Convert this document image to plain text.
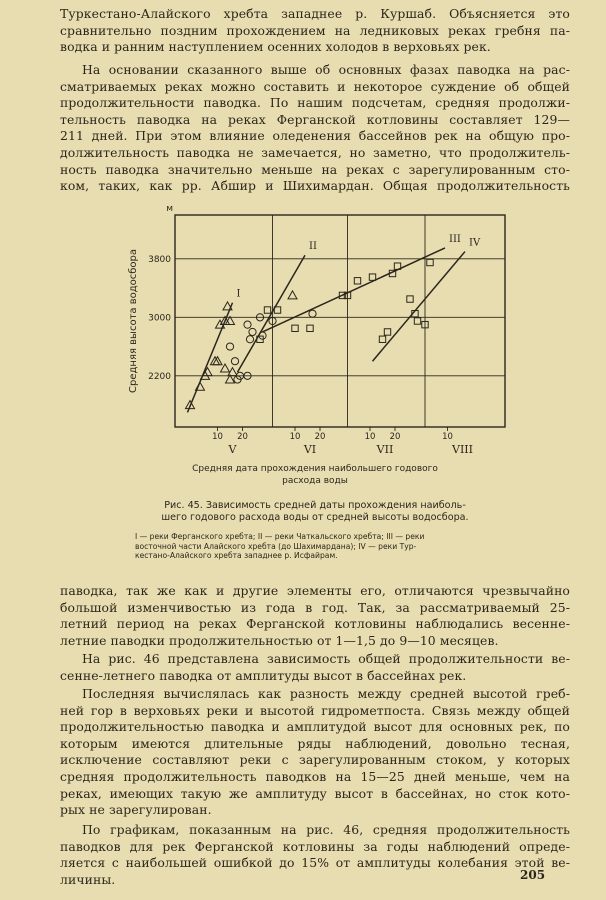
Туркестано-Алайского хребта западнее р. Куршаб. Объясняется это
сравнительно поздним прохождением на ледниковых реках гребня па-
водка и ранним наступлением осенних холодов в верховьях рек.
На основании сказанного выше об основных фазах паводка на рас-
сматриваемых реках можно составить и некоторое суждение об общей
продолжительности паводка. По нашим подсчетам, средняя продолжи-
тельность паводка на реках Ферганской котловины составляет 129—
211 дней. При этом влияние оледенения бассейнов рек на общую про-
должительность паводка не замечается, но заметно, что продолжитель-
ность паводка значительно меньше на реках с зарегулированным сто-
ком, таких, как рр. Абшир и Шихимардан. Общая продолжительность
2200
3000
3800
10 20	10 20	10 20	10
V	VI	VII	VIII
м
Средняя высота водосбора	I
II
III IV

Средняя дата прохождения наибольшего годового
расхода воды

Рис. 45. Зависимость средней даты прохождения наиболь-
шего годового расхода воды от средней высоты водосбора.

I — реки Ферганского хребта; II — реки Чаткальского хребта; III — реки
восточной части Алайского хребта (до Шахимардана); IV — реки Тур-
кестано-Алайского хребта западнее р. Исфайрам.
паводка, так же как и другие элементы его, отличаются чрезвычайно
большой изменчивостью из года в год. Так, за рассматриваемый 25-
летний период на реках Ферганской котловины наблюдались весенне-
летние паводки продолжительностью от 1—1,5 до 9—10 месяцев.
На рис. 46 представлена зависимость общей продолжительности ве-
сенне-летнего паводка от амплитуды высот в бассейнах рек.
Последняя вычислялась как разность между средней высотой греб-
ней гор в верховьях реки и высотой гидрометпоста. Связь между общей
продолжительностью паводка и амплитудой высот для основных рек, по
которым имеются длительные ряды наблюдений, довольно тесная,
исключение составляют реки с зарегулированным стоком, у которых
средняя продолжительность паводков на 15—25 дней меньше, чем на
реках, имеющих такую же амплитуду высот в бассейнах, но сток кото-
рых не зарегулирован.
По графикам, показанным на рис. 46, средняя продолжительность
паводков для рек Ферганской котловины за годы наблюдений опреде-
ляется с наибольшей ошибкой до 15% от амплитуды колебания этой ве-
личины.	205
